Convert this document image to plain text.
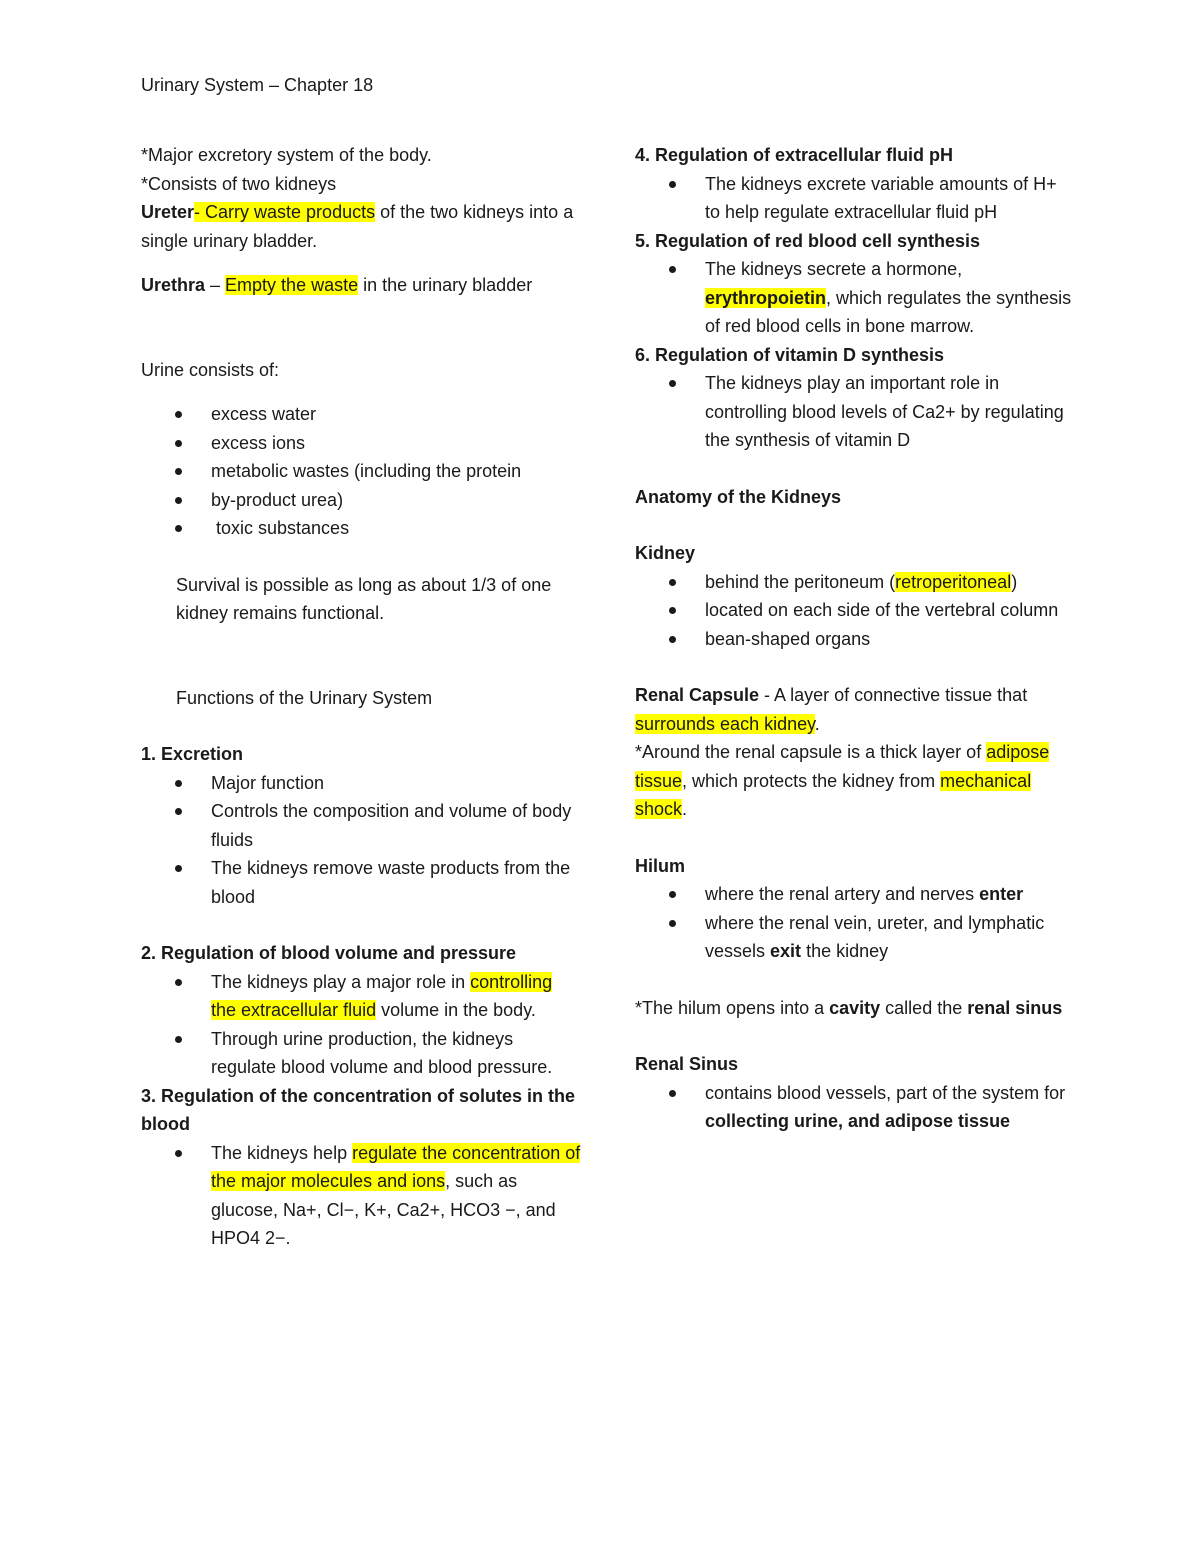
Urinary System – Chapter 18

*Major excretory system of the body.

*Consists of two kidneys

Ureter- Carry waste products of the two kidneys into a single urinary bladder.

Urethra – Empty the waste in the urinary bladder

Urine consists of:

excess water
excess ions
metabolic wastes (including the protein
by-product urea)
toxic substances

Survival is possible as long as about 1/3 of one kidney remains functional.

Functions of the Urinary System

1. Excretion

Major function
Controls the composition and volume of body fluids
The kidneys remove waste products from the blood

2. Regulation of blood volume and pressure

The kidneys play a major role in controlling the extracellular fluid volume in the body.
Through urine production, the kidneys regulate blood volume and blood pressure.

3. Regulation of the concentration of solutes in the blood

The kidneys help regulate the concentration of the major molecules and ions, such as glucose, Na+, Cl−, K+, Ca2+, HCO3 −, and HPO4 2−.

4. Regulation of extracellular fluid pH

The kidneys excrete variable amounts of H+ to help regulate extracellular fluid pH

5. Regulation of red blood cell synthesis

The kidneys secrete a hormone, erythropoietin, which regulates the synthesis of red blood cells in bone marrow.

6. Regulation of vitamin D synthesis

The kidneys play an important role in controlling blood levels of Ca2+ by regulating the synthesis of vitamin D

Anatomy of the Kidneys

Kidney

behind the peritoneum (retroperitoneal)
located on each side of the vertebral column
bean-shaped organs

Renal Capsule - A layer of connective tissue that surrounds each kidney.

*Around the renal capsule is a thick layer of adipose tissue, which protects the kidney from mechanical shock.

Hilum

where the renal artery and nerves enter
where the renal vein, ureter, and lymphatic vessels exit the kidney

*The hilum opens into a cavity called the renal sinus

Renal Sinus

contains blood vessels, part of the system for collecting urine, and adipose tissue
